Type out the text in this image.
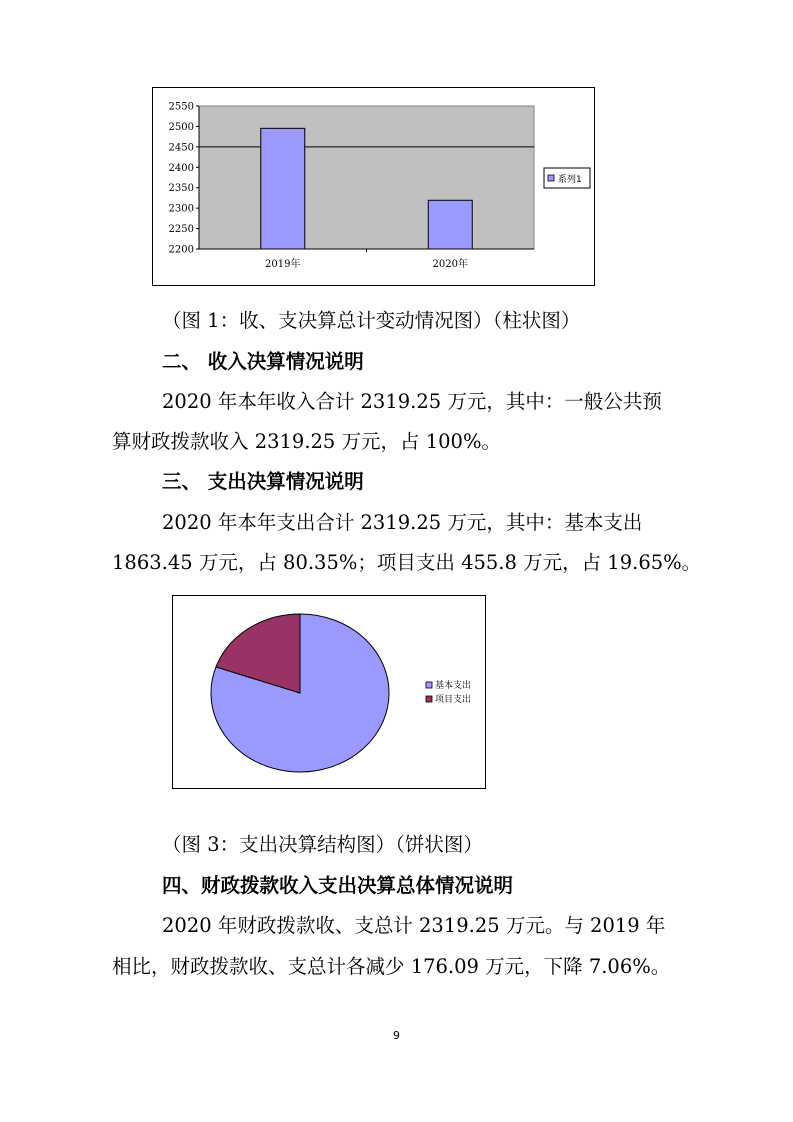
2550
2500
2450
2400
2350
2300
2250
2200
2019年	2020年
系列1
（图 1：收、支决算总计变动情况图）（柱状图）
二、 收入决算情况说明
2020 年本年收入合计 2319.25 万元，其中：一般公共预
算财政拨款收入 2319.25 万元，占 100%。
三、 支出决算情况说明
2020 年本年支出合计 2319.25 万元，其中：基本支出
1863.45 万元，占 80.35%；项目支出 455.8 万元，占 19.65%。
基本支出
项目支出
（图 3：支出决算结构图）（饼状图）
四、财政拨款收入支出决算总体情况说明
2020 年财政拨款收、支总计 2319.25 万元。与 2019 年
相比，财政拨款收、支总计各减少 176.09 万元，下降 7.06%。
9
